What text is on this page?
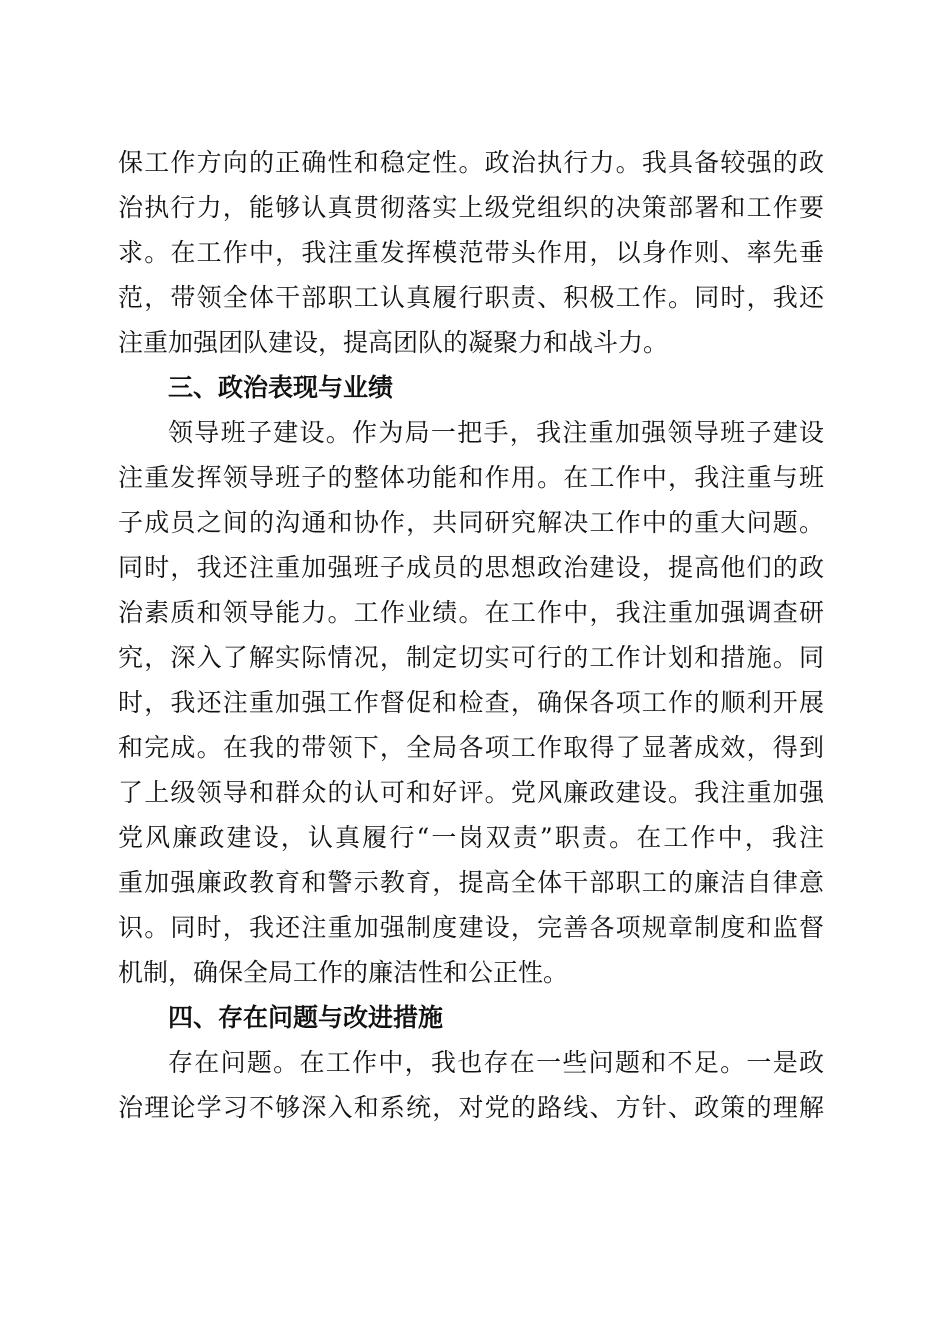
保工作方向的正确性和稳定性。政治执行力。我具备较强的政
治执行力，能够认真贯彻落实上级党组织的决策部署和工作要
求。在工作中，我注重发挥模范带头作用，以身作则、率先垂
范，带领全体干部职工认真履行职责、积极工作。同时，我还
注重加强团队建设，提高团队的凝聚力和战斗力。
三、政治表现与业绩
领导班子建设。作为局一把手，我注重加强领导班子建设
注重发挥领导班子的整体功能和作用。在工作中，我注重与班
子成员之间的沟通和协作，共同研究解决工作中的重大问题。
同时，我还注重加强班子成员的思想政治建设，提高他们的政
治素质和领导能力。工作业绩。在工作中，我注重加强调查研
究，深入了解实际情况，制定切实可行的工作计划和措施。同
时，我还注重加强工作督促和检查，确保各项工作的顺利开展
和完成。在我的带领下，全局各项工作取得了显著成效，得到
了上级领导和群众的认可和好评。党风廉政建设。我注重加强
党风廉政建设，认真履行“一岗双责”职责。在工作中，我注
重加强廉政教育和警示教育，提高全体干部职工的廉洁自律意
识。同时，我还注重加强制度建设，完善各项规章制度和监督
机制，确保全局工作的廉洁性和公正性。
四、存在问题与改进措施
存在问题。在工作中，我也存在一些问题和不足。一是政
治理论学习不够深入和系统，对党的路线、方针、政策的理解
